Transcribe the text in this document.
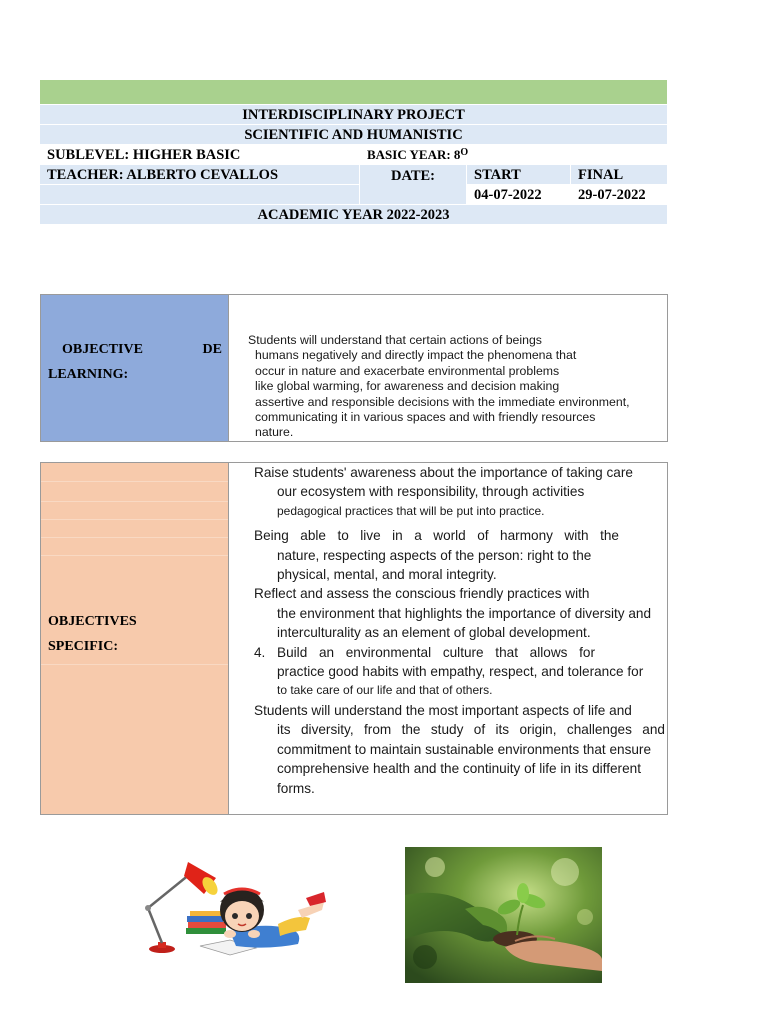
INTERDISCIPLINARY PROJECT			
SCIENTIFIC AND HUMANISTIC			
SUBLEVEL: HIGHER BASIC	BASIC YEAR: $8^O$
TEACHER: ALBERTO CEVALLOS	DATE:	START	FINAL
		04-07-2022	29-07-2022
ACADEMIC YEAR 2022-2023			
OBJECTIVE	DE
LEARNING:

Students will understand that certain actions of beings
humans negatively and directly impact the phenomena that
occur in nature and exacerbate environmental problems
like global warming, for awareness and decision making
assertive and responsible decisions with the immediate environment,
communicating it in various spaces and with friendly resources
nature.
OBJECTIVES
SPECIFIC:

Raise students' awareness about the importance of taking care
our ecosystem with responsibility, through activities
pedagogical practices that will be put into practice.
Being able to live in a world of harmony with the
nature, respecting aspects of the person: right to the
physical, mental, and moral integrity.
Reflect and assess the conscious friendly practices with
the environment that highlights the importance of diversity and
interculturality as an element of global development.
4. Build an environmental culture that allows for
practice good habits with empathy, respect, and tolerance for
to take care of our life and that of others.
Students will understand the most important aspects of life and
its diversity, from the study of its origin, challenges and
commitment to maintain sustainable environments that ensure
comprehensive health and the continuity of life in its different
forms.
